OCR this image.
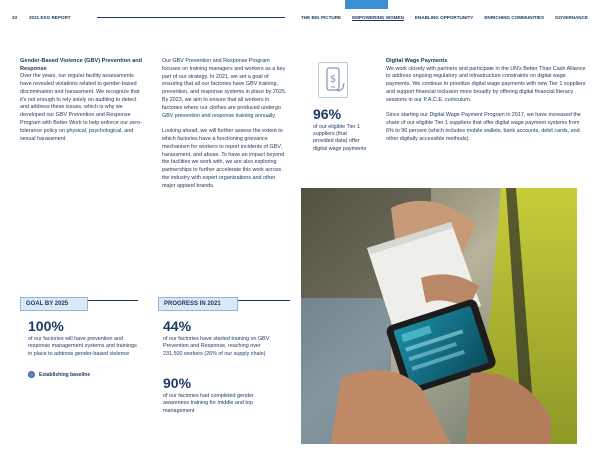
33	2021 ESG REPORT	THE BIG PICTURE EMPOWERING WOMEN ENABLING OPPORTUNITY ENRICHING COMMUNITIES GOVERNANCE
Gender-Based Violence (GBV) Prevention and Response

Over the years, our regular facility assessments have revealed violations related to gender-based discrimination and harassment. We recognize that it's not enough to rely solely on auditing to detect and address these issues, which is why we developed our GBV Prevention and Response Program with Better Work to help enforce our zero-tolerance policy on physical, psychological, and sexual harassment.

Our GBV Prevention and Response Program focuses on training managers and workers as a key part of our strategy. In 2021, we set a goal of ensuring that all our factories have GBV training, prevention, and response systems in place by 2025. By 2023, we aim to ensure that all workers in factories where our clothes are produced undergo GBV prevention and response training annually.

Looking ahead, we will further assess the extent to which factories have a functioning grievance mechanism for workers to report incidents of GBV, harassment, and abuse. To have an impact beyond the facilities we work with, we are also exploring partnerships to further accelerate this work across the industry with expert organizations and other major apparel brands.

$
96%
of our eligible Tier 1 suppliers (that provided data) offer digital wage payments
Digital Wage Payments

We work closely with partners and participate in the UN's Better Than Cash Alliance to address ongoing regulatory and infrastructure constraints on digital wage payments. We continue to prioritize digital wage payments with new Tier 1 suppliers and support financial inclusion more broadly by offering digital financial literacy sessions in our P.A.C.E. curriculum.

Since starting our Digital Wage Payment Program in 2017, we have increased the share of our eligible Tier 1 suppliers that offer digital wage payment systems from 6% to 96 percent (which includes mobile wallets, bank accounts, debit cards, and other digitally accessible methods).

GOAL BY 2025
100%
of our factories will have prevention and response management systems and trainings in place to address gender-based violence
Establishing baseline
PROGRESS IN 2021
44%
of our factories have started training on GBV Prevention and Response, reaching over 231,500 workers (26% of our supply chain)
90%
of our factories had completed gender awareness training for middle and top management
